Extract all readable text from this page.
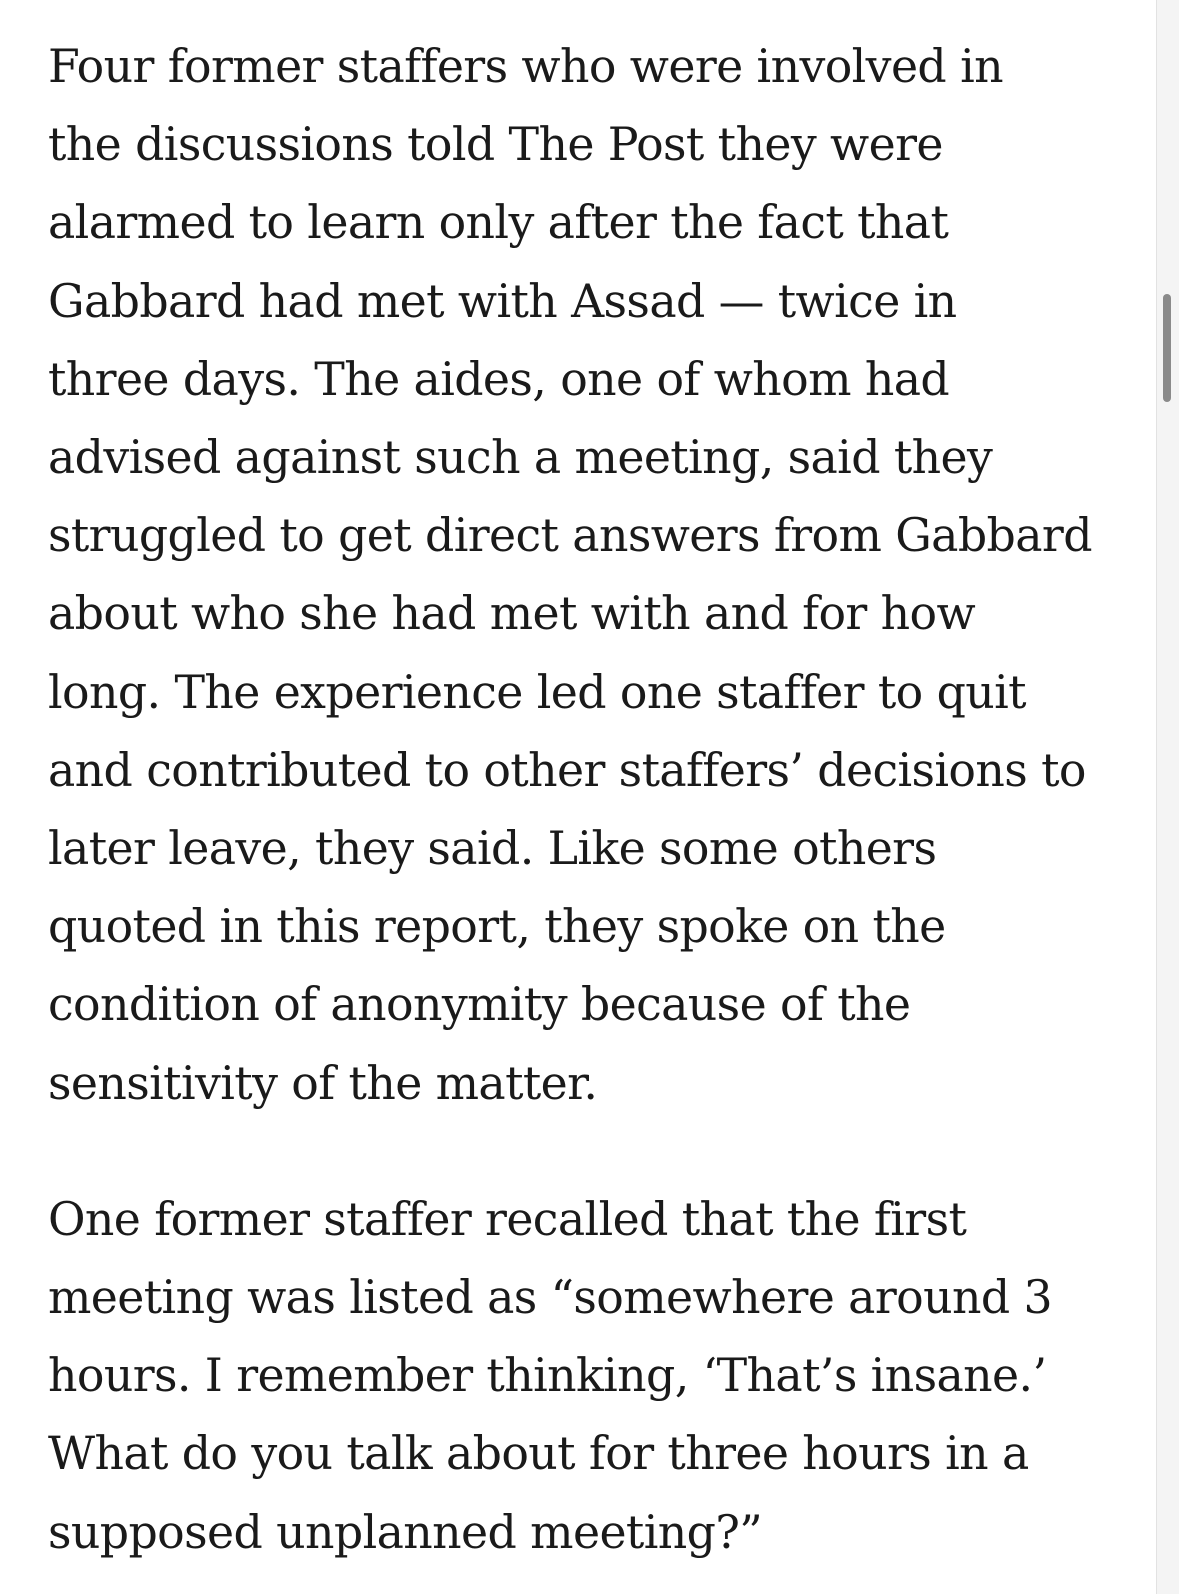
Four former staffers who were involved in
the discussions told The Post they were
alarmed to learn only after the fact that
Gabbard had met with Assad — twice in
three days. The aides, one of whom had
advised against such a meeting, said they
struggled to get direct answers from Gabbard
about who she had met with and for how
long. The experience led one staffer to quit
and contributed to other staffers’ decisions to
later leave, they said. Like some others
quoted in this report, they spoke on the
condition of anonymity because of the
sensitivity of the matter.

One former staffer recalled that the first
meeting was listed as “somewhere around 3
hours. I remember thinking, ‘That’s insane.’
What do you talk about for three hours in a
supposed unplanned meeting?”
